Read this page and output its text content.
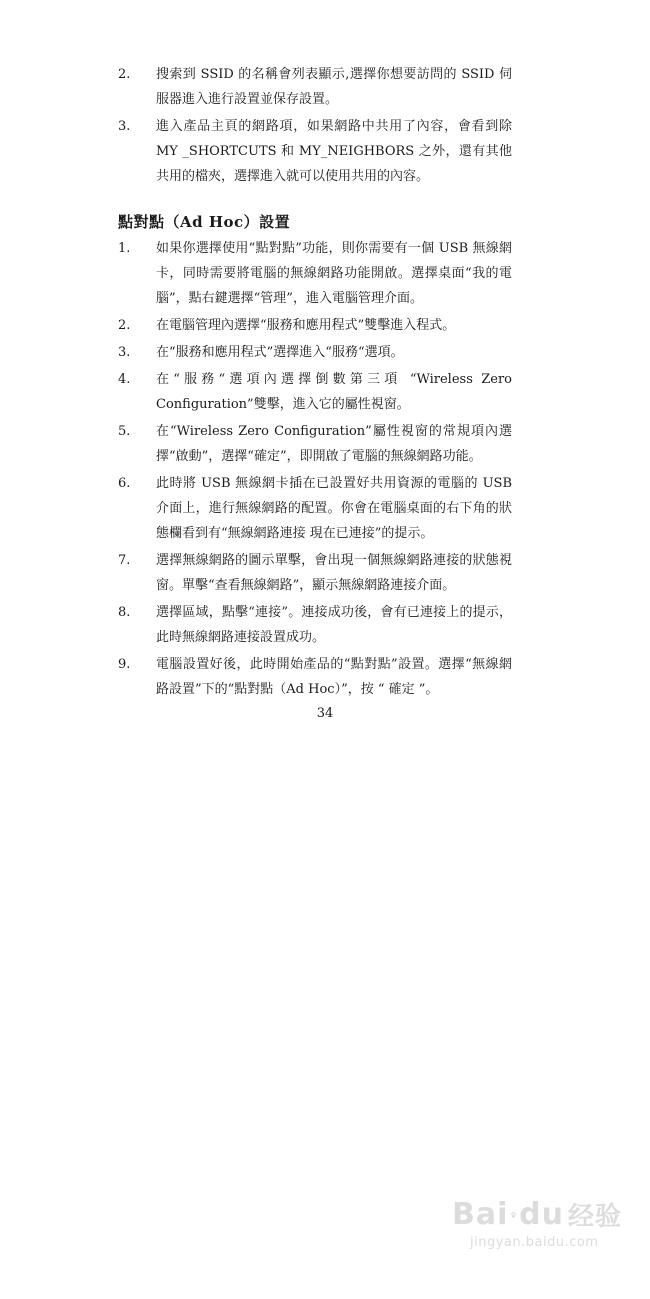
2. 搜索到 SSID 的名稱會列表顯示,選擇你想要訪問的 SSID 伺服器進入進行設置並保存設置。
3. 進入產品主頁的網路項，如果網路中共用了內容，會看到除 MY _SHORTCUTS 和 MY_NEIGHBORS 之外，還有其他共用的檔夾，選擇進入就可以使用共用的內容。
點對點（Ad Hoc）設置
1. 如果你選擇使用“點對點”功能，則你需要有一個 USB 無線網卡，同時需要將電腦的無線網路功能開啟。選擇桌面“我的電腦”，點右鍵選擇“管理”，進入電腦管理介面。
2. 在電腦管理內選擇“服務和應用程式”雙擊進入程式。
3. 在“服務和應用程式”選擇進入“服務“選項。
4. 在“服務“選項內選擇倒數第三項 “Wireless Zero Configuration”雙擊，進入它的屬性視窗。
5. 在“Wireless Zero Configuration”屬性視窗的常規項內選擇“啟動”，選擇“確定”，即開啟了電腦的無線網路功能。
6. 此時將 USB 無線網卡插在已設置好共用資源的電腦的 USB 介面上，進行無線網路的配置。你會在電腦桌面的右下角的狀態欄看到有“無線網路連接 現在已連接”的提示。
7. 選擇無線網路的圖示單擊，會出現一個無線網路連接的狀態視窗。單擊“查看無線網路”，顯示無線網路連接介面。
8. 選擇區域，點擊“連接”。連接成功後，會有已連接上的提示，此時無線網路連接設置成功。
9. 電腦設置好後，此時開始產品的“點對點”設置。選擇“無線網路設置”下的“點對點（Ad Hoc）”，按 “ 確定 ”。
34
Bai du 经验
jingyan.baidu.com
